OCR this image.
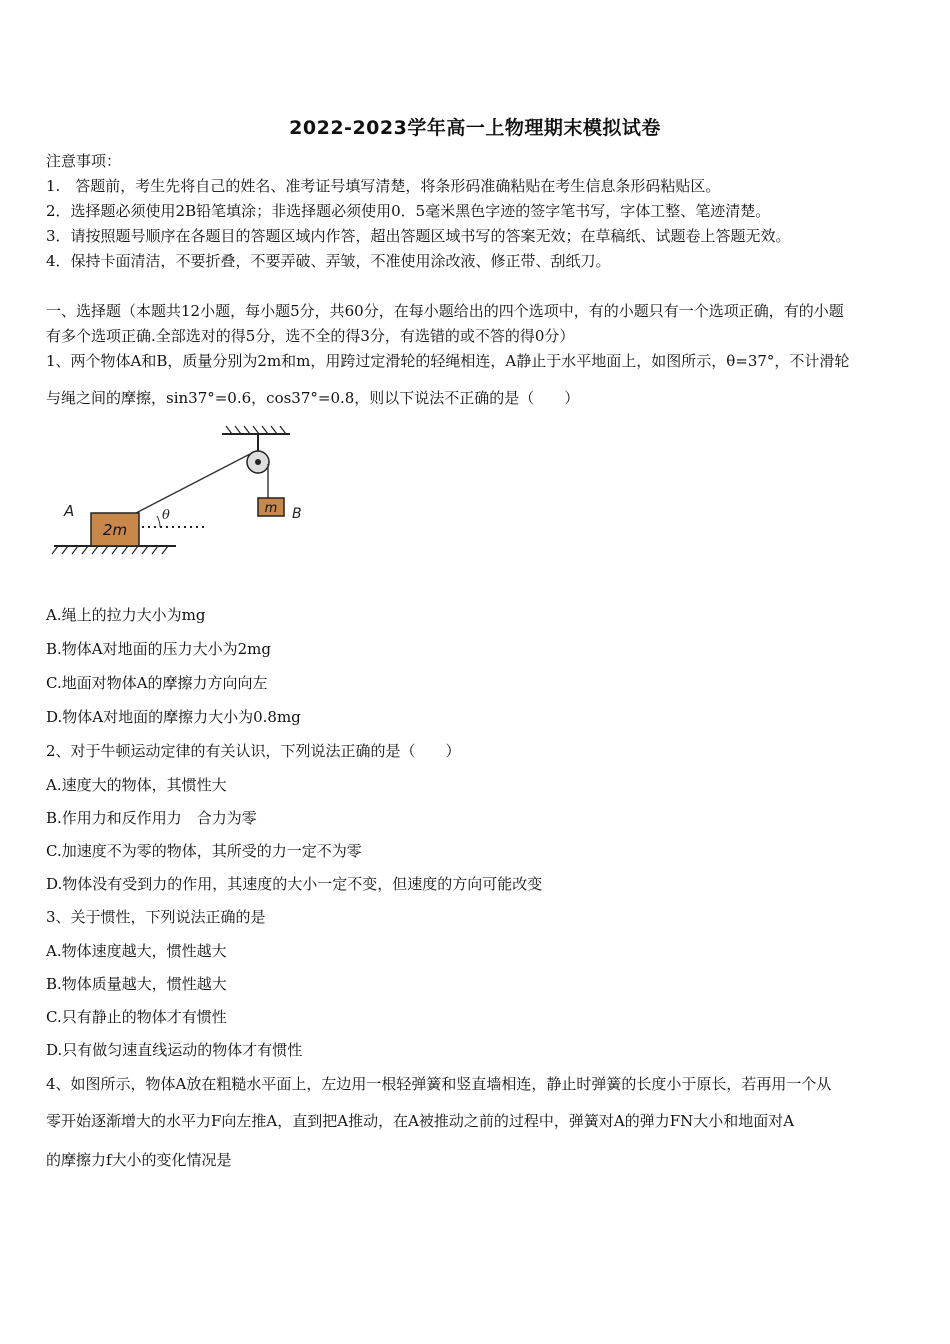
2022-2023学年高一上物理期末模拟试卷
注意事项：
1.　答题前，考生先将自己的姓名、准考证号填写清楚，将条形码准确粘贴在考生信息条形码粘贴区。
2．选择题必须使用2B铅笔填涂；非选择题必须使用0．5毫米黑色字迹的签字笔书写，字体工整、笔迹清楚。
3．请按照题号顺序在各题目的答题区域内作答，超出答题区域书写的答案无效；在草稿纸、试题卷上答题无效。
4．保持卡面清洁，不要折叠，不要弄破、弄皱，不准使用涂改液、修正带、刮纸刀。
一、选择题（本题共12小题，每小题5分，共60分，在每小题给出的四个选项中，有的小题只有一个选项正确，有的小题
有多个选项正确.全部选对的得5分，选不全的得3分，有选错的或不答的得0分）
1、两个物体A和B，质量分别为2m和m，用跨过定滑轮的轻绳相连，A静止于水平地面上，如图所示，θ=37°，不计滑轮
与绳之间的摩擦，sin37°=0.6，cos37°=0.8，则以下说法不正确的是（　　）
m B
2m
A	θ
A.绳上的拉力大小为mg
B.物体A对地面的压力大小为2mg
C.地面对物体A的摩擦力方向向左
D.物体A对地面的摩擦力大小为0.8mg
2、对于牛顿运动定律的有关认识，下列说法正确的是（　　）
A.速度大的物体，其惯性大
B.作用力和反作用力　合力为零
C.加速度不为零的物体，其所受的力一定不为零
D.物体没有受到力的作用，其速度的大小一定不变，但速度的方向可能改变
3、关于惯性，下列说法正确的是
A.物体速度越大，惯性越大
B.物体质量越大，惯性越大
C.只有静止的物体才有惯性
D.只有做匀速直线运动的物体才有惯性
4、如图所示，物体A放在粗糙水平面上，左边用一根轻弹簧和竖直墙相连，静止时弹簧的长度小于原长，若再用一个从
零开始逐渐增大的水平力F向左推A，直到把A推动，在A被推动之前的过程中，弹簧对A的弹力FN大小和地面对A
的摩擦力f大小的变化情况是
